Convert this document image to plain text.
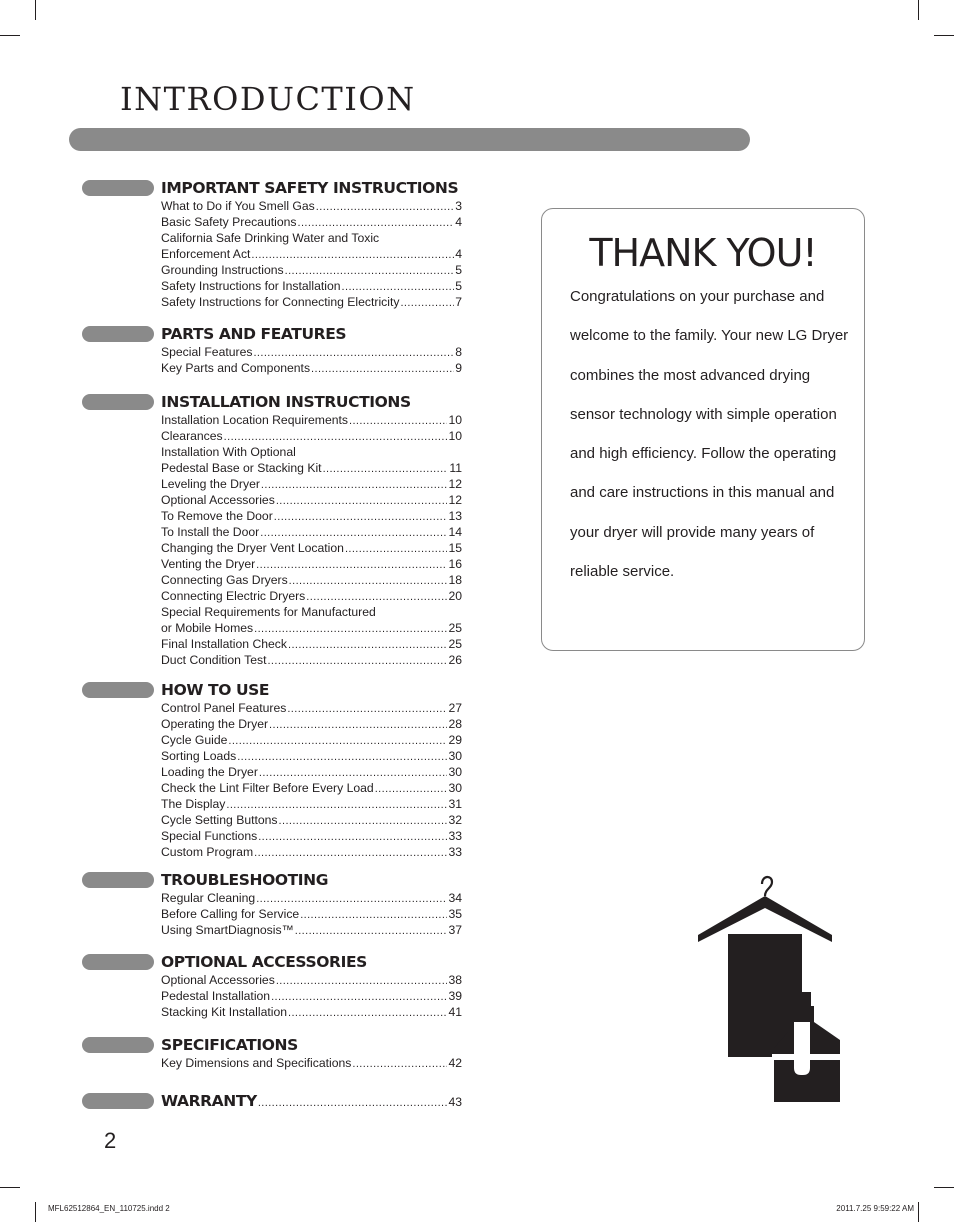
INTRODUCTION
IMPORTANT SAFETY INSTRUCTIONS
What to Do if You Smell Gas .....	3
Basic Safety Precautions .....	4
California Safe Drinking Water and Toxic
Enforcement Act .....	4
Grounding Instructions .....	5
Safety Instructions for Installation .....	5
Safety Instructions for Connecting Electricity .....	7
PARTS AND FEATURES
Special Features .....	8
Key Parts and Components .....	9
INSTALLATION INSTRUCTIONS
Installation Location Requirements .....	10
Clearances .....	10
Installation With Optional
Pedestal Base or Stacking Kit .....	11
Leveling the Dryer .....	12
Optional Accessories .....	12
To Remove the Door .....	13
To Install the Door .....	14
Changing the Dryer Vent Location .....	15
Venting the Dryer .....	16
Connecting Gas Dryers .....	18
Connecting Electric Dryers .....	20
Special Requirements for Manufactured
or Mobile Homes .....	25
Final Installation Check .....	25
Duct Condition Test .....	26
HOW TO USE
Control Panel Features .....	27
Operating the Dryer .....	28
Cycle Guide .....	29
Sorting Loads .....	30
Loading the Dryer .....	30
Check the Lint Filter Before Every Load .....	30
The Display .....	31
Cycle Setting Buttons .....	32
Special Functions .....	33
Custom Program .....	33
TROUBLESHOOTING
Regular Cleaning .....	34
Before Calling for Service .....	35
Using SmartDiagnosis™ .....	37
OPTIONAL ACCESSORIES
Optional Accessories .....	38
Pedestal Installation .....	39
Stacking Kit Installation .....	41
SPECIFICATIONS
Key Dimensions and Specifications .....	42
WARRANTY .....	43
THANK YOU!

Congratulations on your purchase and welcome to the family. Your new LG Dryer combines the most advanced drying sensor technology with simple operation and high efficiency. Follow the operating and care instructions in this manual and your dryer will provide many years of reliable service.

2
MFL62512864_EN_110725.indd 2	2011.7.25 9:59:22 AM
